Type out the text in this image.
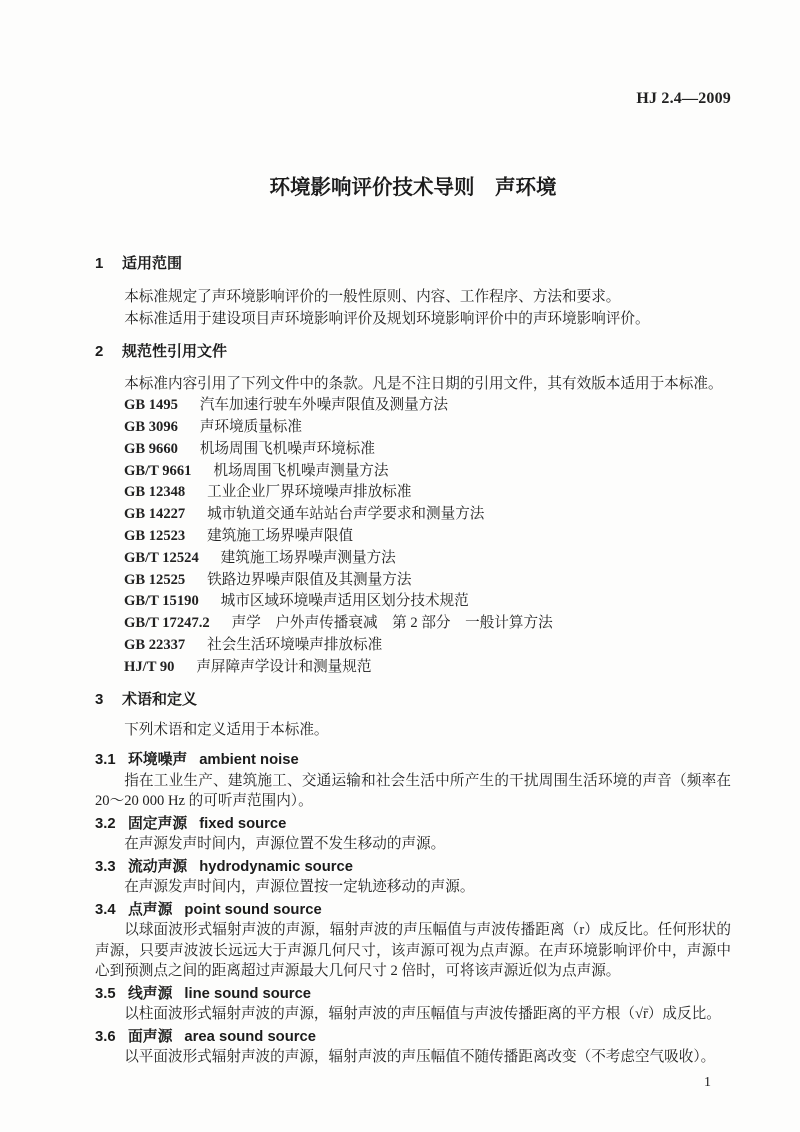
HJ 2.4—2009
环境影响评价技术导则　声环境
1 适用范围

本标准规定了声环境影响评价的一般性原则、内容、工作程序、方法和要求。

本标准适用于建设项目声环境影响评价及规划环境影响评价中的声环境影响评价。

2 规范性引用文件

本标准内容引用了下列文件中的条款。凡是不注日期的引用文件，其有效版本适用于本标准。

GB 1495 汽车加速行驶车外噪声限值及测量方法
GB 3096 声环境质量标准
GB 9660 机场周围飞机噪声环境标准
GB/T 9661 机场周围飞机噪声测量方法
GB 12348 工业企业厂界环境噪声排放标准
GB 14227 城市轨道交通车站站台声学要求和测量方法
GB 12523 建筑施工场界噪声限值
GB/T 12524 建筑施工场界噪声测量方法
GB 12525 铁路边界噪声限值及其测量方法
GB/T 15190 城市区域环境噪声适用区划分技术规范
GB/T 17247.2 声学　户外声传播衰减　第 2 部分　一般计算方法
GB 22337 社会生活环境噪声排放标准
HJ/T 90 声屏障声学设计和测量规范
3 术语和定义

下列术语和定义适用于本标准。

3.1 环境噪声 ambient noise

指在工业生产、建筑施工、交通运输和社会生活中所产生的干扰周围生活环境的声音（频率在20～20 000 Hz 的可听声范围内）。

3.2 固定声源 fixed source

在声源发声时间内，声源位置不发生移动的声源。

3.3 流动声源 hydrodynamic source

在声源发声时间内，声源位置按一定轨迹移动的声源。

3.4 点声源 point sound source

以球面波形式辐射声波的声源，辐射声波的声压幅值与声波传播距离（r）成反比。任何形状的声源，只要声波波长远远大于声源几何尺寸，该声源可视为点声源。在声环境影响评价中，声源中心到预测点之间的距离超过声源最大几何尺寸 2 倍时，可将该声源近似为点声源。

3.5 线声源 line sound source

以柱面波形式辐射声波的声源，辐射声波的声压幅值与声波传播距离的平方根（√r̄）成反比。

3.6 面声源 area sound source

以平面波形式辐射声波的声源，辐射声波的声压幅值不随传播距离改变（不考虑空气吸收）。

1
